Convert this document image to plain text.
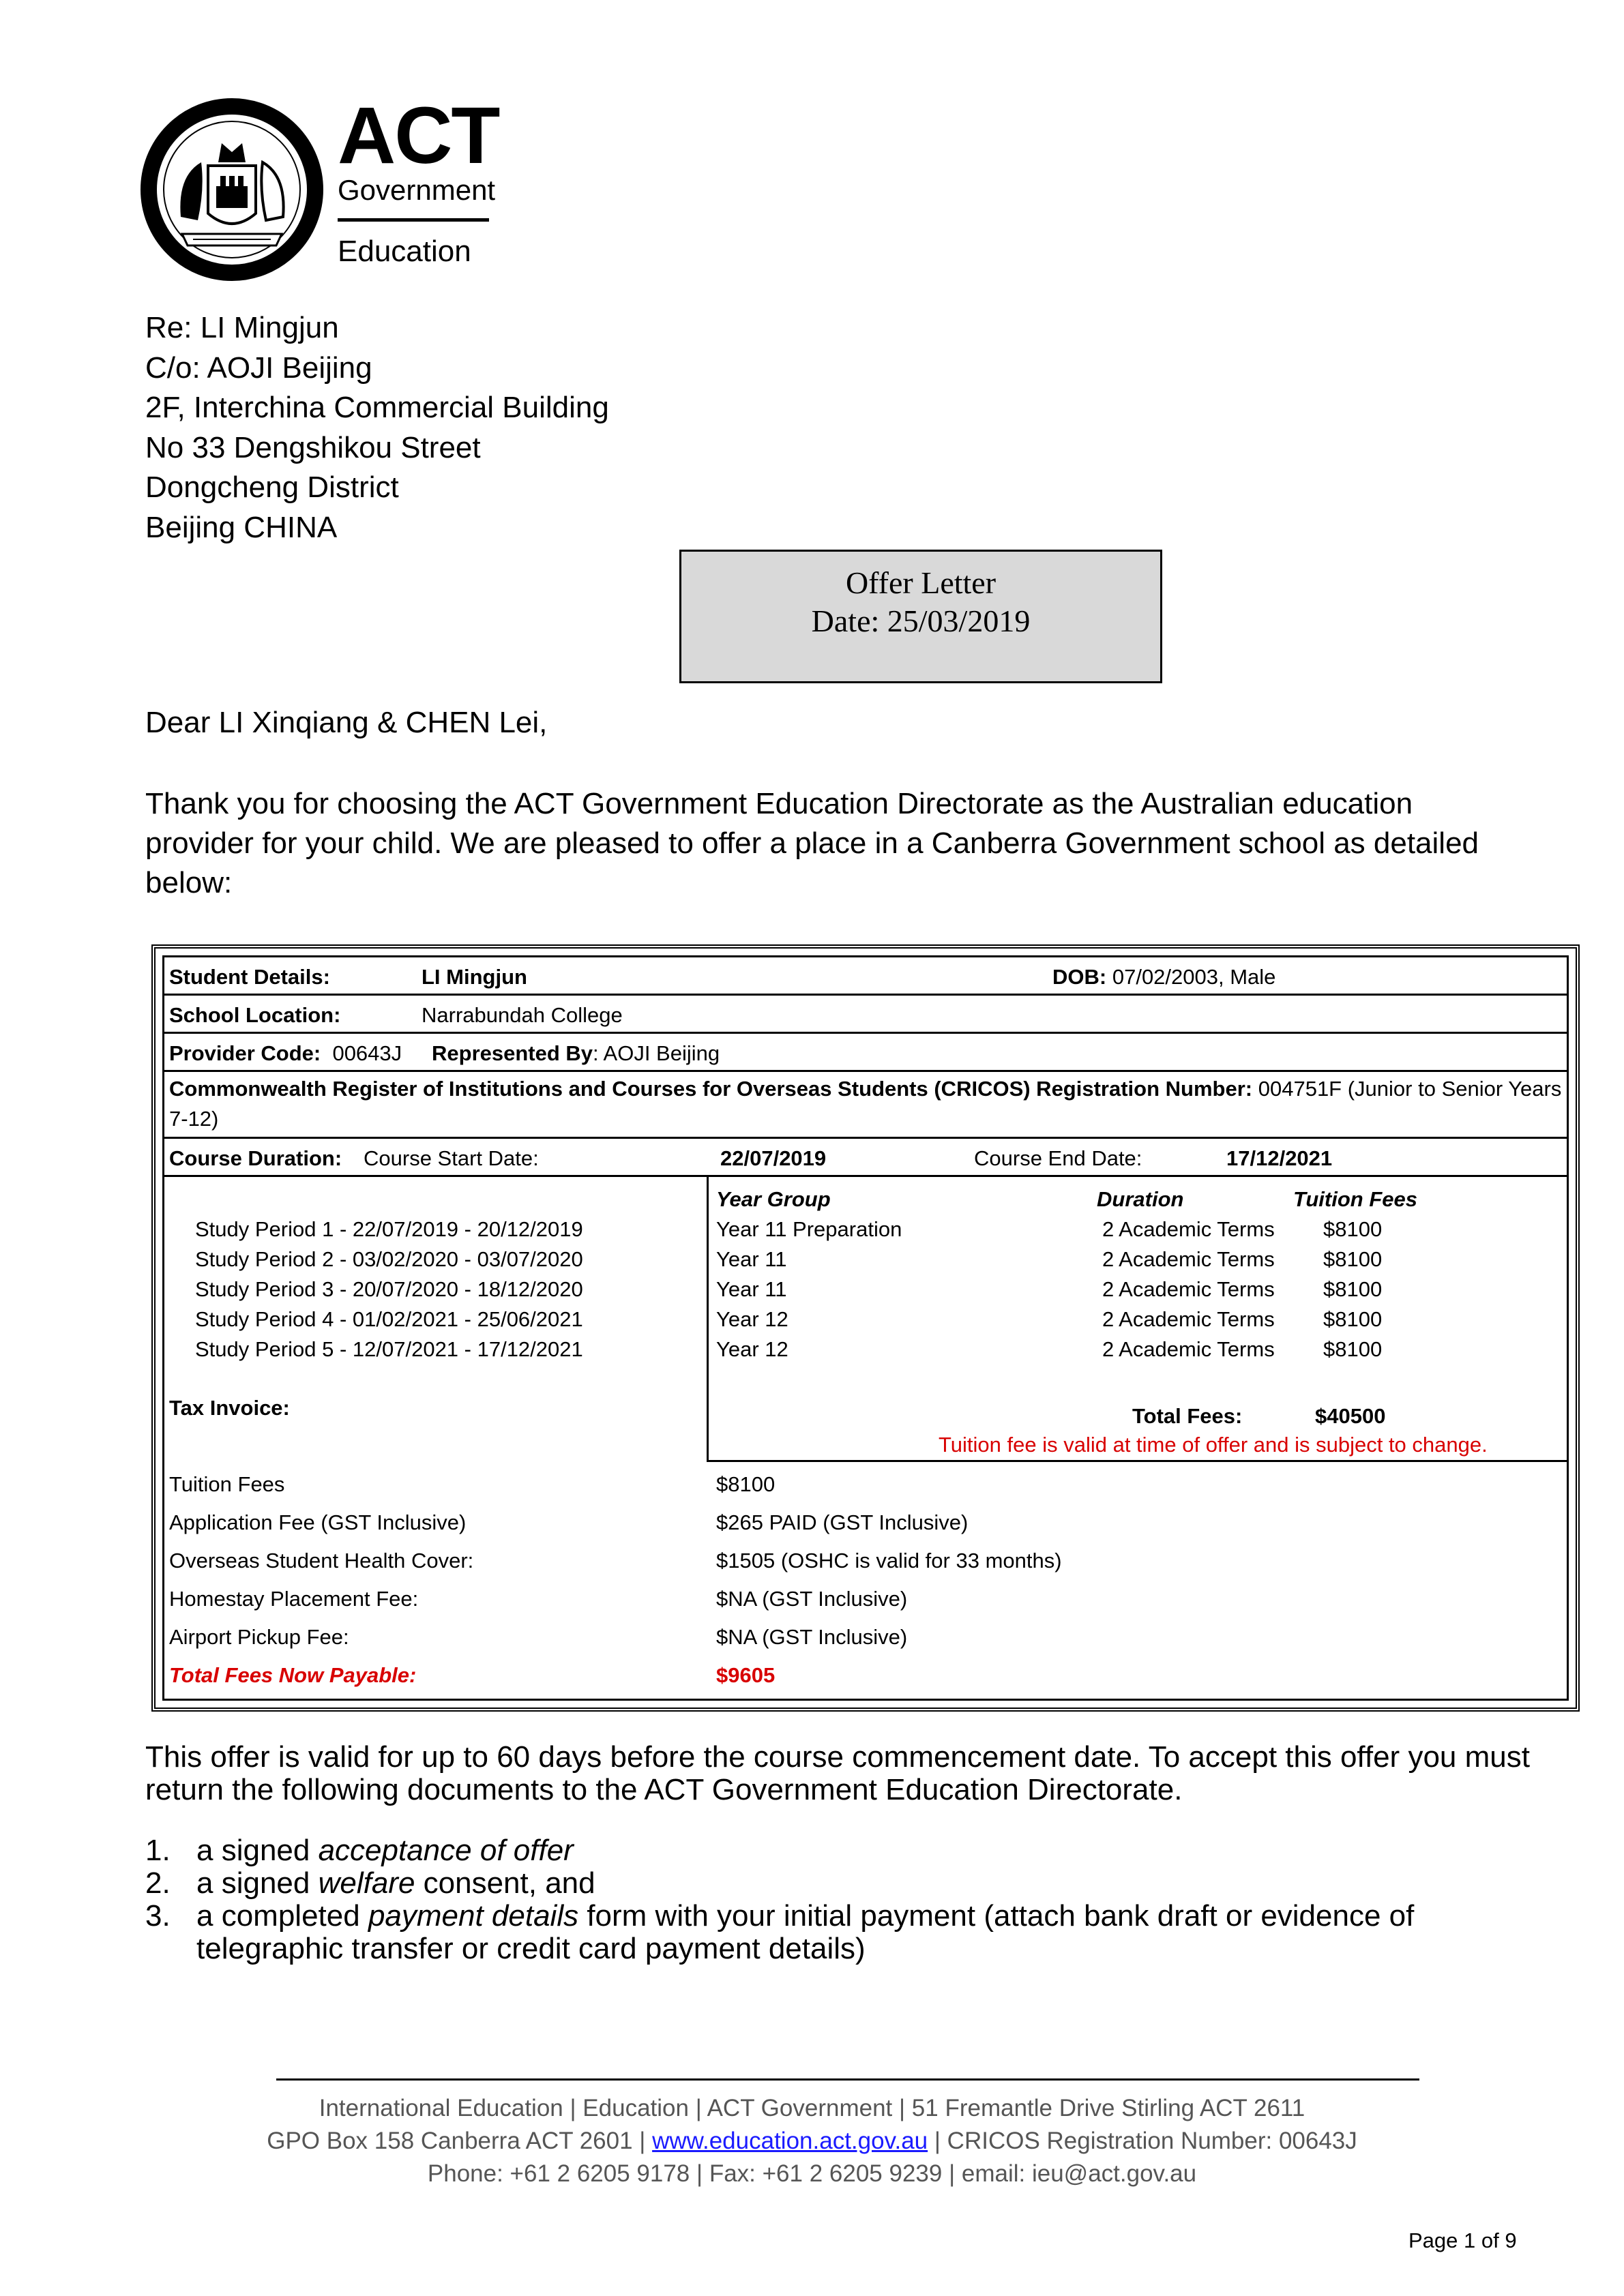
ACT
Government
Education
Re: LI Mingjun
C/o: AOJI Beijing
2F, Interchina Commercial Building
No 33 Dengshikou Street
Dongcheng District
Beijing CHINA
Offer Letter
Date: 25/03/2019
Dear LI Xinqiang & CHEN Lei,
Thank you for choosing the ACT Government Education Directorate as the Australian education provider for your child. We are pleased to offer a place in a Canberra Government school as detailed below:
Student Details:	LI Mingjun	DOB: 07/02/2003, Male
School Location:	Narrabundah College
Provider Code: 00643J Represented By: AOJI Beijing
Commonwealth Register of Institutions and Courses for Overseas Students (CRICOS) Registration Number: 004751F (Junior to Senior Years
7-12)
Course Duration: Course Start Date:	22/07/2019	Course End Date:	17/12/2021
Year Group	Duration	Tuition Fees
Study Period 1 - 22/07/2019 - 20/12/2019	Year 11 Preparation	2 Academic Terms $8100
Study Period 2 - 03/02/2020 - 03/07/2020	Year 11	2 Academic Terms $8100
Study Period 3 - 20/07/2020 - 18/12/2020	Year 11	2 Academic Terms $8100
Study Period 4 - 01/02/2021 - 25/06/2021	Year 12	2 Academic Terms $8100
Study Period 5 - 12/07/2021 - 17/12/2021	Year 12	2 Academic Terms $8100
Tax Invoice:	Total Fees:	$40500
Tuition fee is valid at time of offer and is subject to change.
Tuition Fees	$8100
Application Fee (GST Inclusive)	$265 PAID (GST Inclusive)
Overseas Student Health Cover:	$1505 (OSHC is valid for 33 months)
Homestay Placement Fee:	$NA (GST Inclusive)
Airport Pickup Fee:	$NA (GST Inclusive)
Total Fees Now Payable:	$9605
This offer is valid for up to 60 days before the course commencement date. To accept this offer you must return the following documents to the ACT Government Education Directorate.
1. a signed acceptance of offer
2. a signed welfare consent, and
3. a completed payment details form with your initial payment (attach bank draft or evidence of telegraphic transfer or credit card payment details)
International Education | Education | ACT Government | 51 Fremantle Drive Stirling ACT 2611
GPO Box 158 Canberra ACT 2601 | www.education.act.gov.au | CRICOS Registration Number: 00643J
Phone: +61 2 6205 9178 | Fax: +61 2 6205 9239 | email: ieu@act.gov.au
Page 1 of 9
